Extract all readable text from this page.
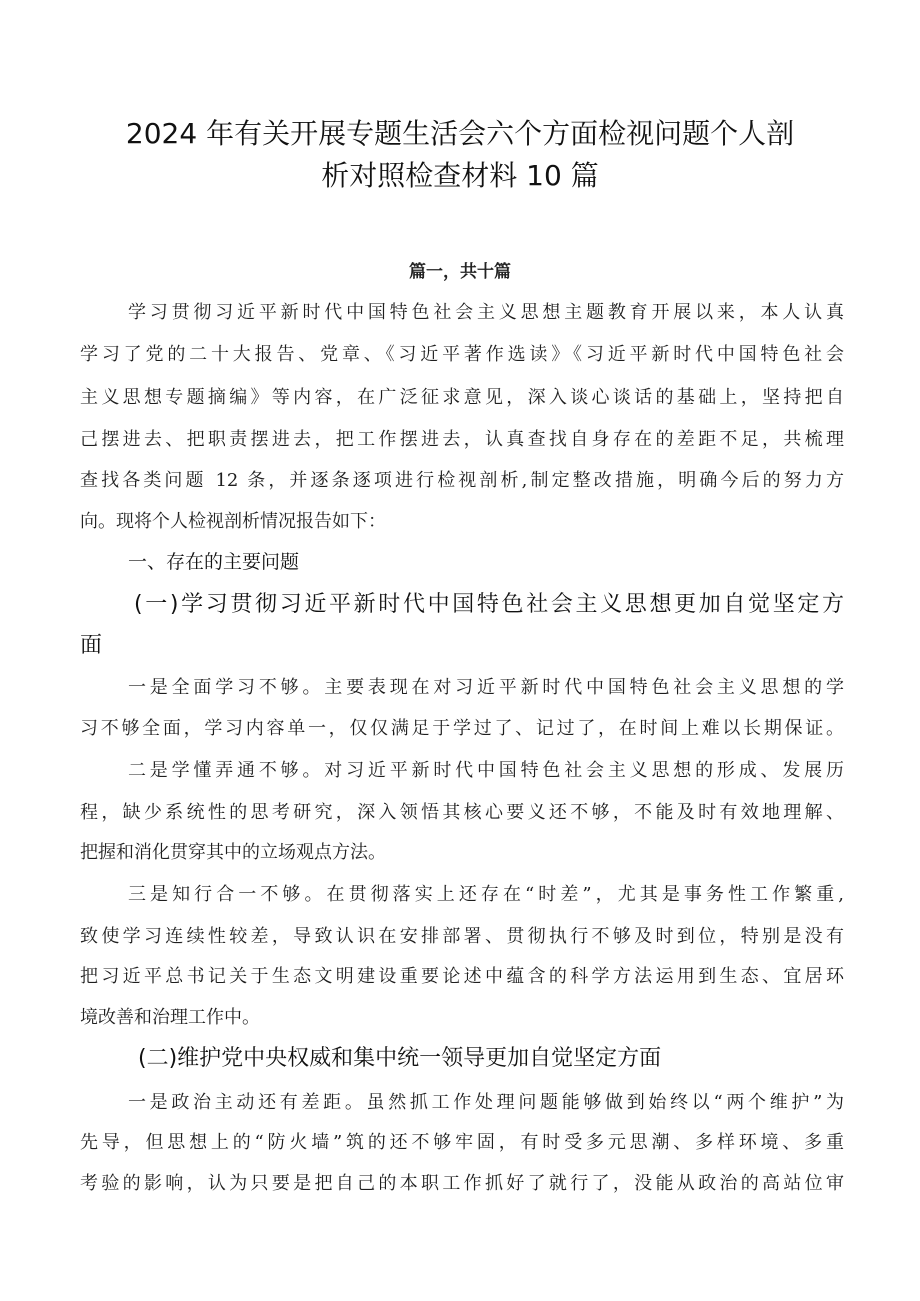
2024 年有关开展专题生活会六个方面检视问题个人剖
析对照检查材料 10 篇
篇一，共十篇
学习贯彻习近平新时代中国特色社会主义思想主题教育开展以来，本人认真
学习了党的二十大报告、党章、《习近平著作选读》《习近平新时代中国特色社会
主义思想专题摘编》等内容，在广泛征求意见，深入谈心谈话的基础上，坚持把自
己摆进去、把职责摆进去，把工作摆进去，认真查找自身存在的差距不足，共梳理
查找各类问题 12 条，并逐条逐项进行检视剖析,制定整改措施，明确今后的努力方
向。现将个人检视剖析情况报告如下：
一、存在的主要问题
(一)学习贯彻习近平新时代中国特色社会主义思想更加自觉坚定方
面
一是全面学习不够。主要表现在对习近平新时代中国特色社会主义思想的学
习不够全面，学习内容单一，仅仅满足于学过了、记过了，在时间上难以长期保证。
二是学懂弄通不够。对习近平新时代中国特色社会主义思想的形成、发展历
程，缺少系统性的思考研究，深入领悟其核心要义还不够，不能及时有效地理解、
把握和消化贯穿其中的立场观点方法。
三是知行合一不够。在贯彻落实上还存在“时差”，尤其是事务性工作繁重,
致使学习连续性较差，导致认识在安排部署、贯彻执行不够及时到位，特别是没有
把习近平总书记关于生态文明建设重要论述中蕴含的科学方法运用到生态、宜居环
境改善和治理工作中。
(二)维护党中央权威和集中统一领导更加自觉坚定方面
一是政治主动还有差距。虽然抓工作处理问题能够做到始终以“两个维护”为
先导，但思想上的“防火墙”筑的还不够牢固，有时受多元思潮、多样环境、多重
考验的影响，认为只要是把自己的本职工作抓好了就行了，没能从政治的高站位审
